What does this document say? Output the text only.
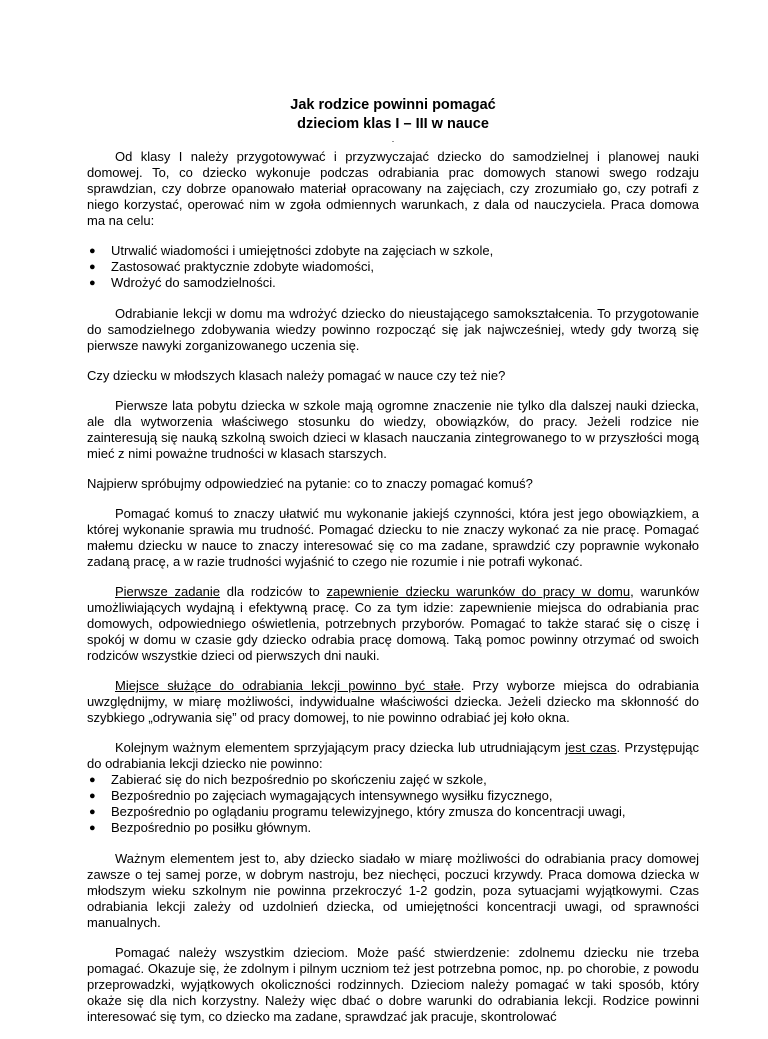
Jak rodzice powinni pomagać
dzieciom klas I – III w nauce
.

Od klasy I należy przygotowywać i przyzwyczajać dziecko do samodzielnej i planowej nauki domowej. To, co dziecko wykonuje podczas odrabiania prac domowych stanowi swego rodzaju sprawdzian, czy dobrze opanowało materiał opracowany na zajęciach, czy zrozumiało go, czy potrafi z niego korzystać, operować nim w zgoła odmiennych warunkach, z dala od nauczyciela. Praca domowa ma na celu:

● Utrwalić wiadomości i umiejętności zdobyte na zajęciach w szkole,
● Zastosować praktycznie zdobyte wiadomości,
● Wdrożyć do samodzielności.

Odrabianie lekcji w domu ma wdrożyć dziecko do nieustającego samokształcenia. To przygotowanie do samodzielnego zdobywania wiedzy powinno rozpocząć się jak najwcześniej, wtedy gdy tworzą się pierwsze nawyki zorganizowanego uczenia się.

Czy dziecku w młodszych klasach należy pomagać w nauce czy też nie?

Pierwsze lata pobytu dziecka w szkole mają ogromne znaczenie nie tylko dla dalszej nauki dziecka, ale dla wytworzenia właściwego stosunku do wiedzy, obowiązków, do pracy. Jeżeli rodzice nie zainteresują się nauką szkolną swoich dzieci w klasach nauczania zintegrowanego to w przyszłości mogą mieć z nimi poważne trudności w klasach starszych.

Najpierw spróbujmy odpowiedzieć na pytanie: co to znaczy pomagać komuś?

Pomagać komuś to znaczy ułatwić mu wykonanie jakiejś czynności, która jest jego obowiązkiem, a której wykonanie sprawia mu trudność. Pomagać dziecku to nie znaczy wykonać za nie pracę. Pomagać małemu dziecku w nauce to znaczy interesować się co ma zadane, sprawdzić czy poprawnie wykonało zadaną pracę, a w razie trudności wyjaśnić to czego nie rozumie i nie potrafi wykonać.

Pierwsze zadanie dla rodziców to zapewnienie dziecku warunków do pracy w domu, warunków umożliwiających wydajną i efektywną pracę. Co za tym idzie: zapewnienie miejsca do odrabiania prac domowych, odpowiedniego oświetlenia, potrzebnych przyborów. Pomagać to także starać się o ciszę i spokój w domu w czasie gdy dziecko odrabia pracę domową. Taką pomoc powinny otrzymać od swoich rodziców wszystkie dzieci od pierwszych dni nauki.

Miejsce służące do odrabiania lekcji powinno być stałe. Przy wyborze miejsca do odrabiania uwzględnijmy, w miarę możliwości, indywidualne właściwości dziecka. Jeżeli dziecko ma skłonność do szybkiego „odrywania się” od pracy domowej, to nie powinno odrabiać jej koło okna.

Kolejnym ważnym elementem sprzyjającym pracy dziecka lub utrudniającym jest czas. Przystępując do odrabiania lekcji dziecko nie powinno:

● Zabierać się do nich bezpośrednio po skończeniu zajęć w szkole,
● Bezpośrednio po zajęciach wymagających intensywnego wysiłku fizycznego,
● Bezpośrednio po oglądaniu programu telewizyjnego, który zmusza do koncentracji uwagi,
● Bezpośrednio po posiłku głównym.

Ważnym elementem jest to, aby dziecko siadało w miarę możliwości do odrabiania pracy domowej zawsze o tej samej porze, w dobrym nastroju, bez niechęci, poczuci krzywdy. Praca domowa dziecka w młodszym wieku szkolnym nie powinna przekroczyć 1-2 godzin, poza sytuacjami wyjątkowymi. Czas odrabiania lekcji zależy od uzdolnień dziecka, od umiejętności koncentracji uwagi, od sprawności manualnych.

Pomagać należy wszystkim dzieciom. Może paść stwierdzenie: zdolnemu dziecku nie trzeba pomagać. Okazuje się, że zdolnym i pilnym uczniom też jest potrzebna pomoc, np. po chorobie, z powodu przeprowadzki, wyjątkowych okoliczności rodzinnych. Dzieciom należy pomagać w taki sposób, który okaże się dla nich korzystny. Należy więc dbać o dobre warunki do odrabiania lekcji. Rodzice powinni interesować się tym, co dziecko ma zadane, sprawdzać jak pracuje, skontrolować
